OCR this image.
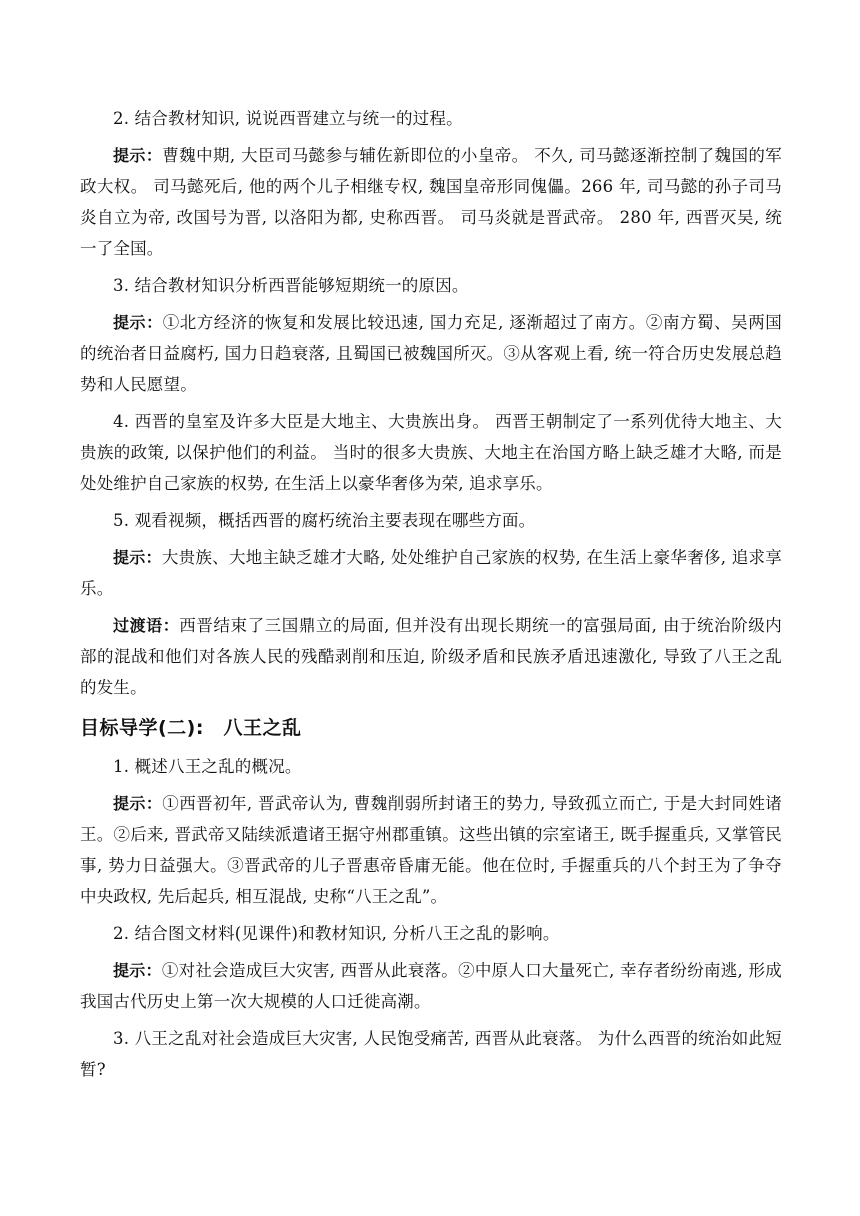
2. 结合教材知识, 说说西晋建立与统一的过程。

提示：曹魏中期, 大臣司马懿参与辅佐新即位的小皇帝。 不久, 司马懿逐渐控制了魏国的军政大权。 司马懿死后, 他的两个儿子相继专权, 魏国皇帝形同傀儡。266 年, 司马懿的孙子司马炎自立为帝, 改国号为晋, 以洛阳为都, 史称西晋。 司马炎就是晋武帝。 280 年, 西晋灭吴, 统一了全国。

3. 结合教材知识分析西晋能够短期统一的原因。

提示：①北方经济的恢复和发展比较迅速, 国力充足, 逐渐超过了南方。②南方蜀、吴两国的统治者日益腐朽, 国力日趋衰落, 且蜀国已被魏国所灭。③从客观上看, 统一符合历史发展总趋势和人民愿望。

4. 西晋的皇室及许多大臣是大地主、大贵族出身。 西晋王朝制定了一系列优待大地主、大贵族的政策, 以保护他们的利益。 当时的很多大贵族、大地主在治国方略上缺乏雄才大略, 而是处处维护自己家族的权势, 在生活上以豪华奢侈为荣, 追求享乐。

5. 观看视频，概括西晋的腐朽统治主要表现在哪些方面。

提示：大贵族、大地主缺乏雄才大略, 处处维护自己家族的权势, 在生活上豪华奢侈, 追求享乐。

过渡语：西晋结束了三国鼎立的局面, 但并没有出现长期统一的富强局面, 由于统治阶级内部的混战和他们对各族人民的残酷剥削和压迫, 阶级矛盾和民族矛盾迅速激化, 导致了八王之乱的发生。

目标导学(二):　八王之乱

1. 概述八王之乱的概况。

提示：①西晋初年, 晋武帝认为, 曹魏削弱所封诸王的势力, 导致孤立而亡, 于是大封同姓诸王。②后来, 晋武帝又陆续派遣诸王据守州郡重镇。这些出镇的宗室诸王, 既手握重兵, 又掌管民事, 势力日益强大。③晋武帝的儿子晋惠帝昏庸无能。他在位时, 手握重兵的八个封王为了争夺中央政权, 先后起兵, 相互混战, 史称“八王之乱”。

2. 结合图文材料(见课件)和教材知识, 分析八王之乱的影响。

提示：①对社会造成巨大灾害, 西晋从此衰落。②中原人口大量死亡, 幸存者纷纷南逃, 形成我国古代历史上第一次大规模的人口迁徙高潮。

3. 八王之乱对社会造成巨大灾害, 人民饱受痛苦, 西晋从此衰落。 为什么西晋的统治如此短暂?
